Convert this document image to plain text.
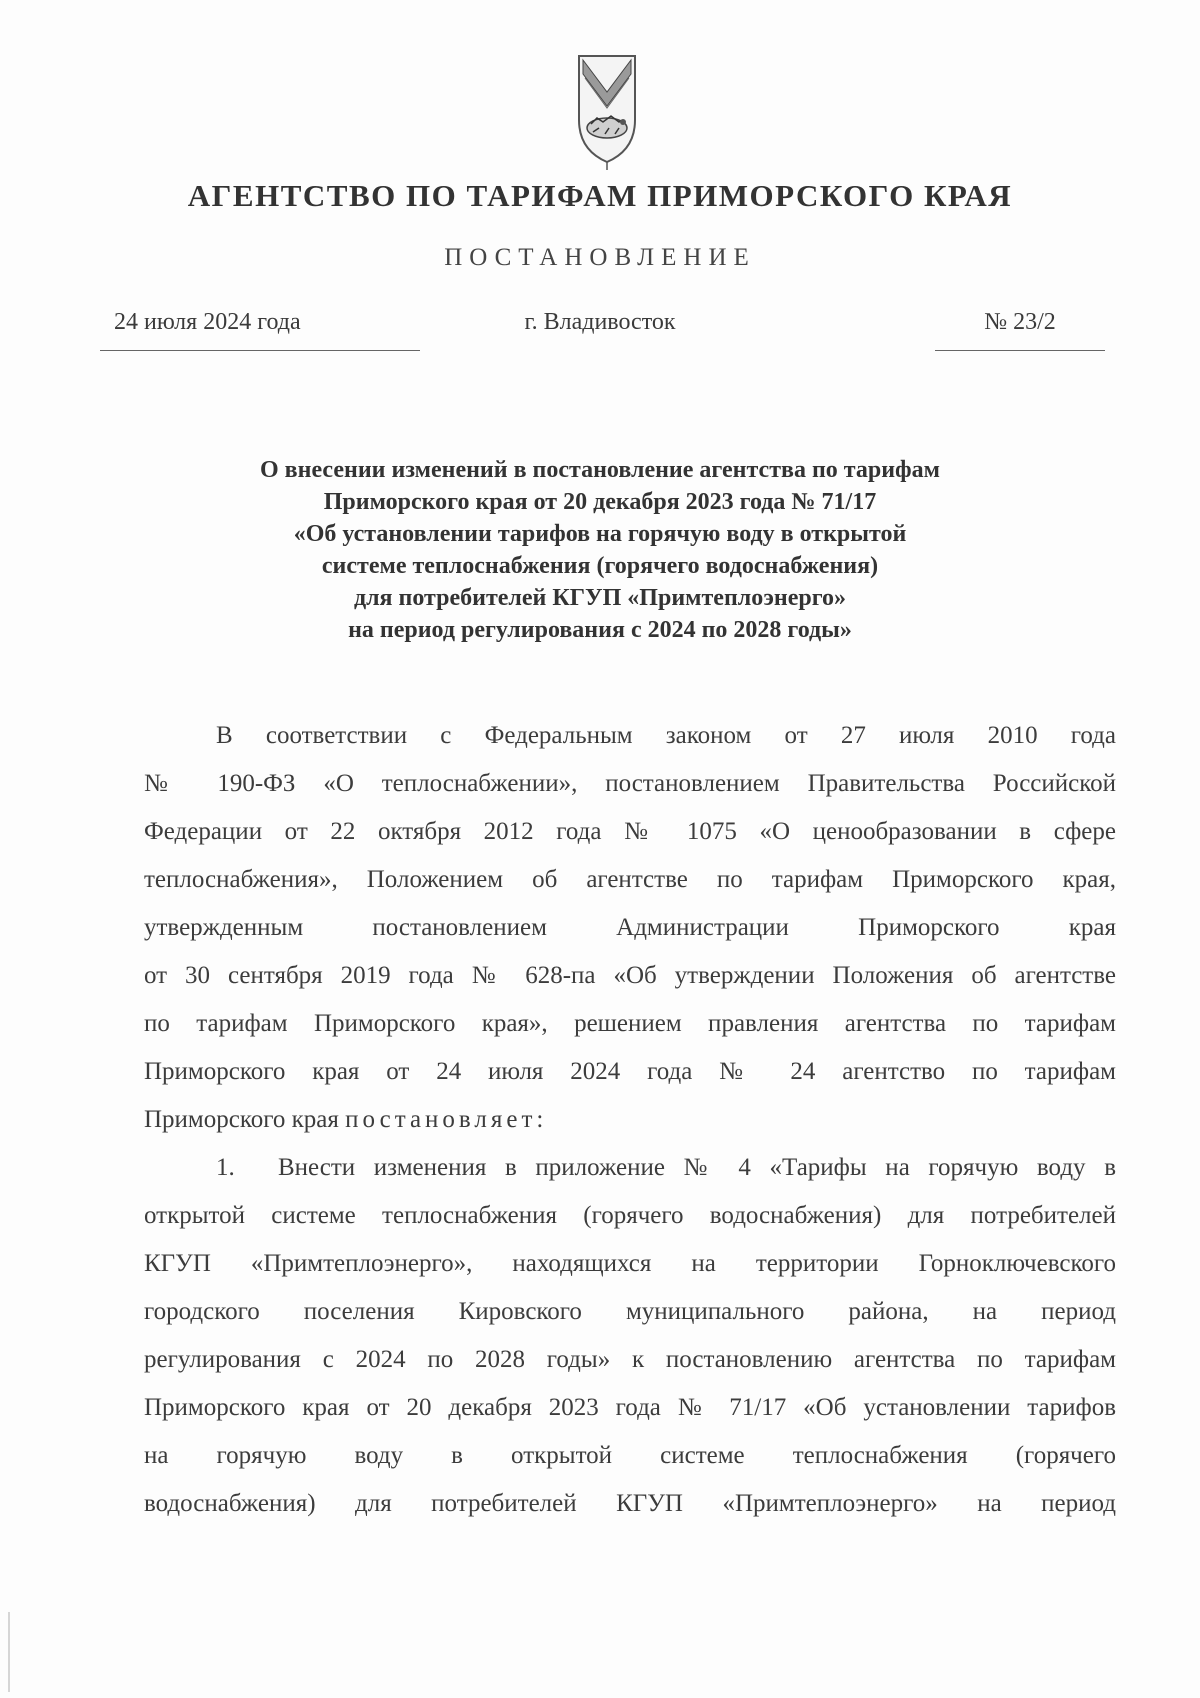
АГЕНТСТВО ПО ТАРИФАМ ПРИМОРСКОГО КРАЯ
ПОСТАНОВЛЕНИЕ
24 июля 2024 года	г. Владивосток	№ 23/2
О внесении изменений в постановление агентства по тарифам
Приморского края от 20 декабря 2023 года № 71/17
«Об установлении тарифов на горячую воду в открытой
системе теплоснабжения (горячего водоснабжения)
для потребителей КГУП «Примтеплоэнерго»
на период регулирования с 2024 по 2028 годы»
В соответствии с Федеральным законом от 27 июля 2010 года
№ 190-ФЗ «О теплоснабжении», постановлением Правительства Российской
Федерации от 22 октября 2012 года № 1075 «О ценообразовании в сфере
теплоснабжения», Положением об агентстве по тарифам Приморского края,
утвержденным постановлением Администрации Приморского края
от 30 сентября 2019 года № 628-па «Об утверждении Положения об агентстве
по тарифам Приморского края», решением правления агентства по тарифам
Приморского края от 24 июля 2024 года № 24 агентство по тарифам
Приморского края постановляет:
1. Внести изменения в приложение № 4 «Тарифы на горячую воду в
открытой системе теплоснабжения (горячего водоснабжения) для потребителей
КГУП «Примтеплоэнерго», находящихся на территории Горноключевского
городского поселения Кировского муниципального района, на период
регулирования с 2024 по 2028 годы» к постановлению агентства по тарифам
Приморского края от 20 декабря 2023 года № 71/17 «Об установлении тарифов
на горячую воду в открытой системе теплоснабжения (горячего
водоснабжения) для потребителей КГУП «Примтеплоэнерго» на период
